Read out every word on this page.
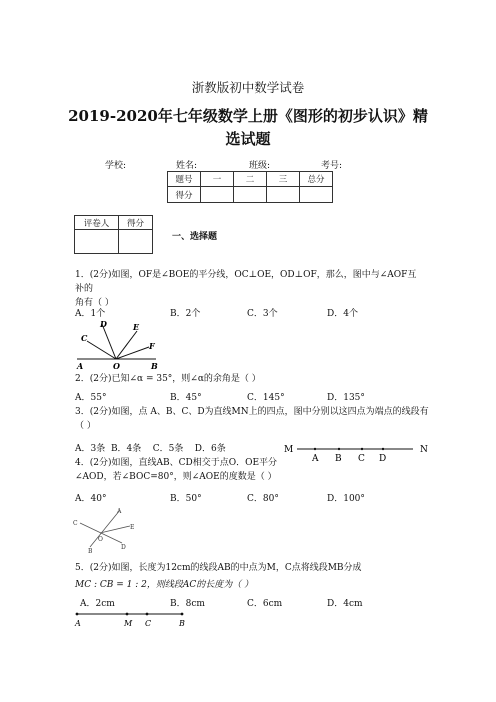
浙教版初中数学试卷
2019-2020年七年级数学上册《图形的初步认识》精
选试题
学校:	姓名:	班级:	考号:
题号	一	二	三	总分
得分				
评卷人	得分

一、选择题
1．(2分)如图，OF是∠BOE的平分线，OC⊥OE，OD⊥OF，那么，图中与∠AOF互补的
角有（ ）
A．1个	B．2个	C．3个	D．4个
D	E
C
F
A	O	B
2．(2分)已知∠α = 35°，则∠α的余角是（ ）
A．55°	B．45°	C．145°	D．135°
3．(2分)如图，点 A、B、C、D为直线MN上的四点，图中分别以这四点为端点的线段有
（ ）
A．3条  B．4条    C．5条    D．6条	M
A B C D
N
4．(2分)如图，直线AB、CD相交于点O．OE平分
∠AOD，若∠BOC=80°，则∠AOE的度数是（ ）
A．40°	B．50°	C．80°	D．100°
A
C
E
O
B
D
5．(2分)如图，长度为12cm的线段AB的中点为M，C点将线段MB分成
MC : CB = 1 : 2，则线段AC的长度为（ ）
A．2cm	B．8cm	C．6cm	D．4cm
A	M C	B
